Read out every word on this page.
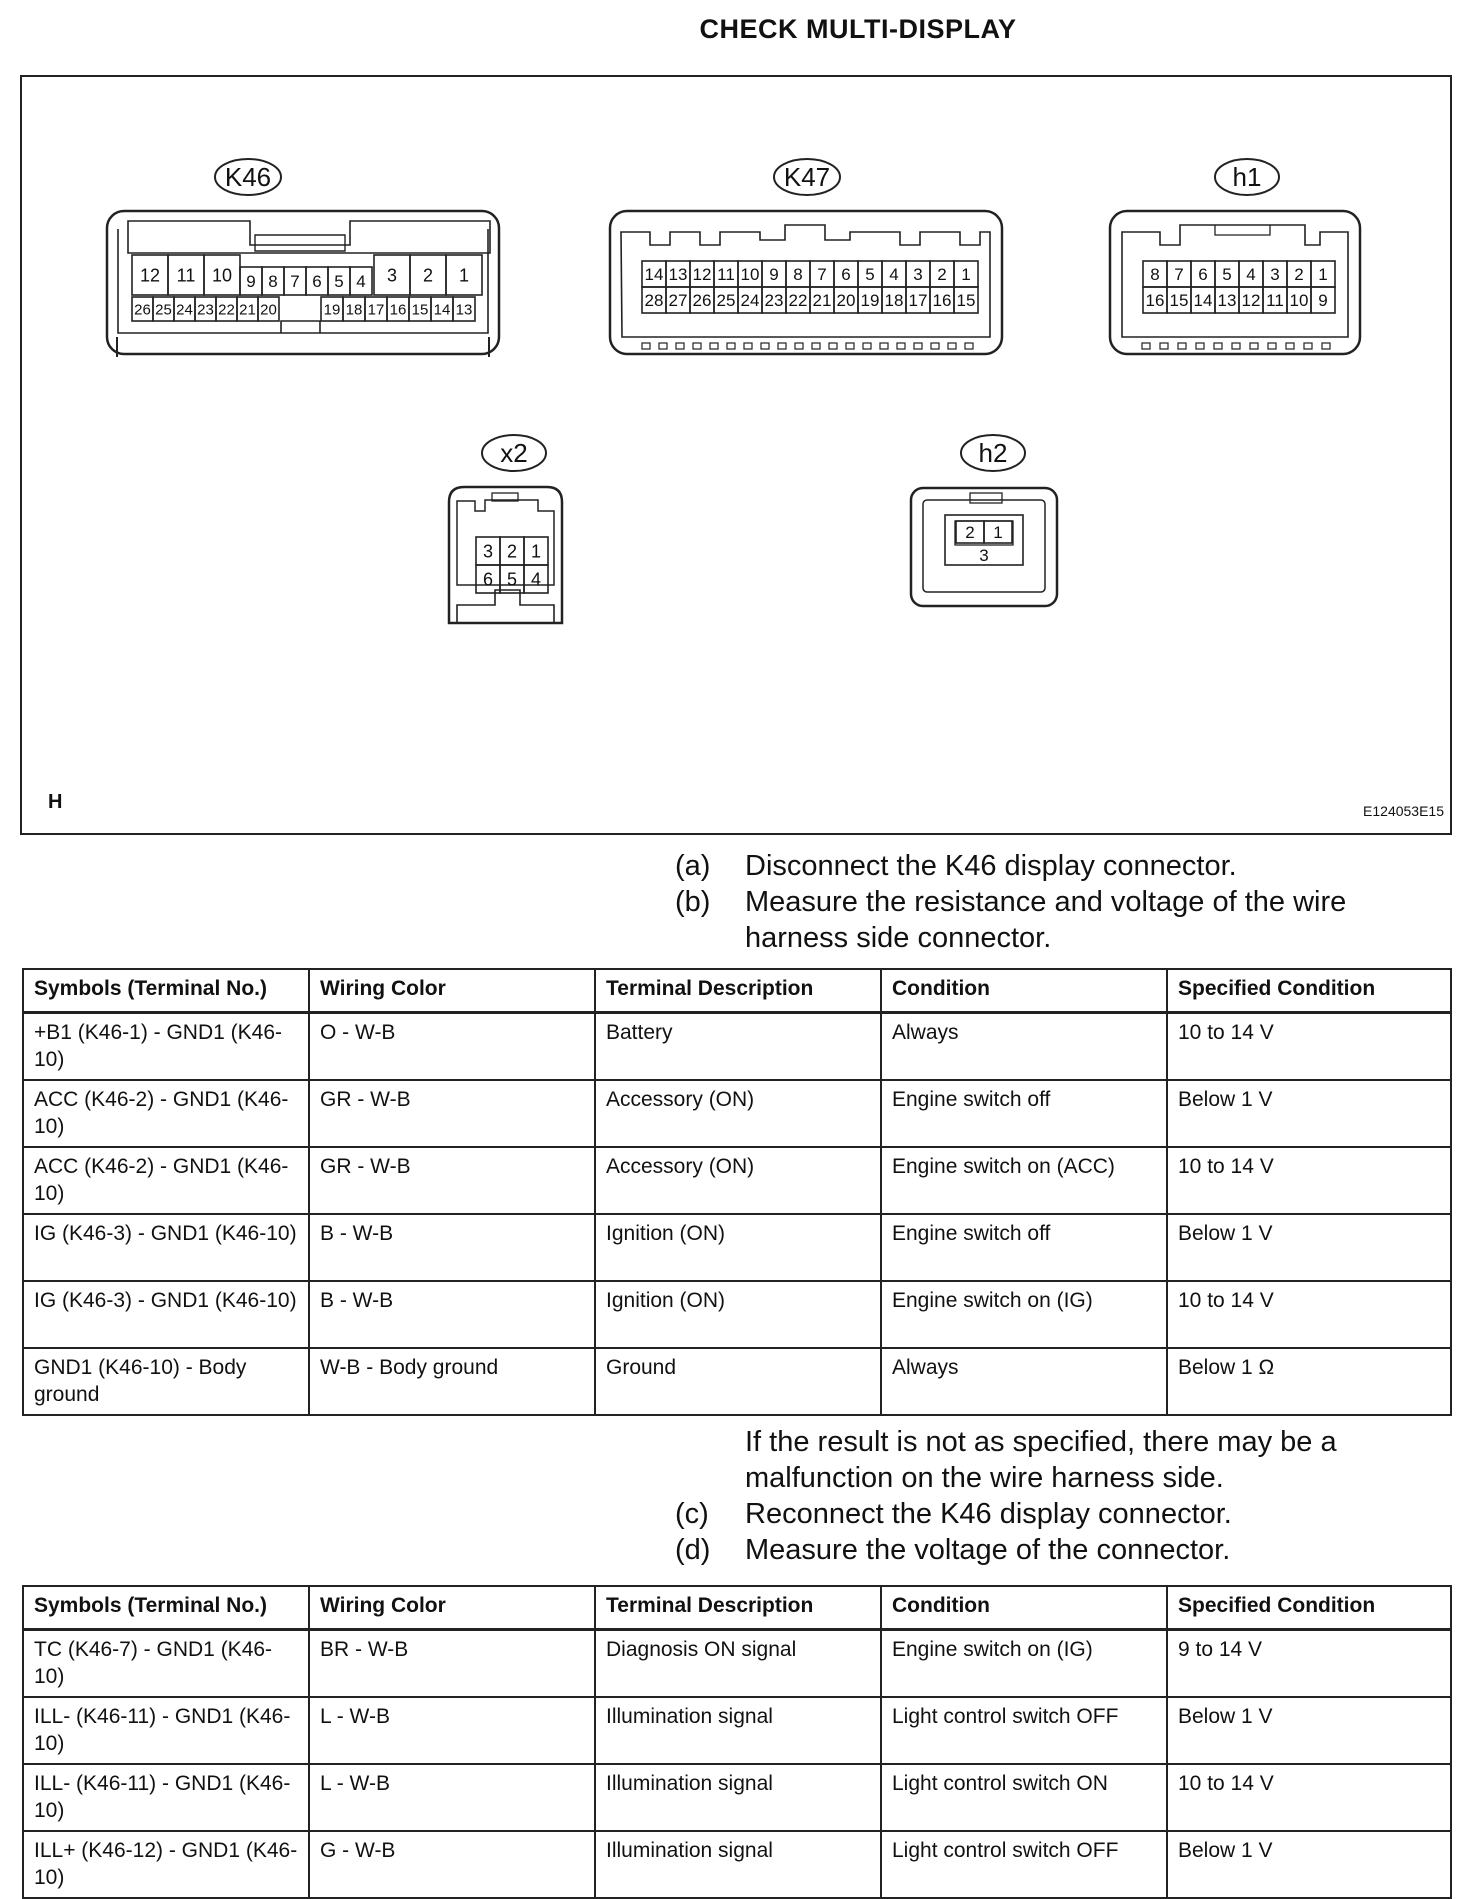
CHECK MULTI-DISPLAY
K46
12 11 10 9 8 7 6 5 4 3 2 1
26 25 24 23 22 21 20	19 18 17 16 15 14 13
K47
14 13 12 11 10 9 8 7 6 5 4 3 2 1
28 27 26 25 24 23 22 21 20 19 18 17 16 15
h1
8 7 6 5 4 3 2 1
16 15 14 13 12 11 10 9
x2
3 2 1
6 5 4
h2
2 1
3
H	E124053E15
(a)	Disconnect the K46 display connector.
(b)	Measure the resistance and voltage of the wire harness side connector.
Symbols (Terminal No.)	Wiring Color	Terminal Description	Condition	Specified Condition
+B1 (K46-1) - GND1 (K46-10)	O - W-B	Battery	Always	10 to 14 V
ACC (K46-2) - GND1 (K46-10)	GR - W-B	Accessory (ON)	Engine switch off	Below 1 V
ACC (K46-2) - GND1 (K46-10)	GR - W-B	Accessory (ON)	Engine switch on (ACC)	10 to 14 V
IG (K46-3) - GND1 (K46-10)	B - W-B	Ignition (ON)	Engine switch off	Below 1 V
IG (K46-3) - GND1 (K46-10)	B - W-B	Ignition (ON)	Engine switch on (IG)	10 to 14 V
GND1 (K46-10) - Body ground	W-B - Body ground	Ground	Always	Below 1 Ω
If the result is not as specified, there may be a malfunction on the wire harness side.
(c)	Reconnect the K46 display connector.
(d)	Measure the voltage of the connector.
Symbols (Terminal No.)	Wiring Color	Terminal Description	Condition	Specified Condition
TC (K46-7) - GND1 (K46-10)	BR - W-B	Diagnosis ON signal	Engine switch on (IG)	9 to 14 V
ILL- (K46-11) - GND1 (K46-10)	L - W-B	Illumination signal	Light control switch OFF	Below 1 V
ILL- (K46-11) - GND1 (K46-10)	L - W-B	Illumination signal	Light control switch ON	10 to 14 V
ILL+ (K46-12) - GND1 (K46-10)	G - W-B	Illumination signal	Light control switch OFF	Below 1 V
